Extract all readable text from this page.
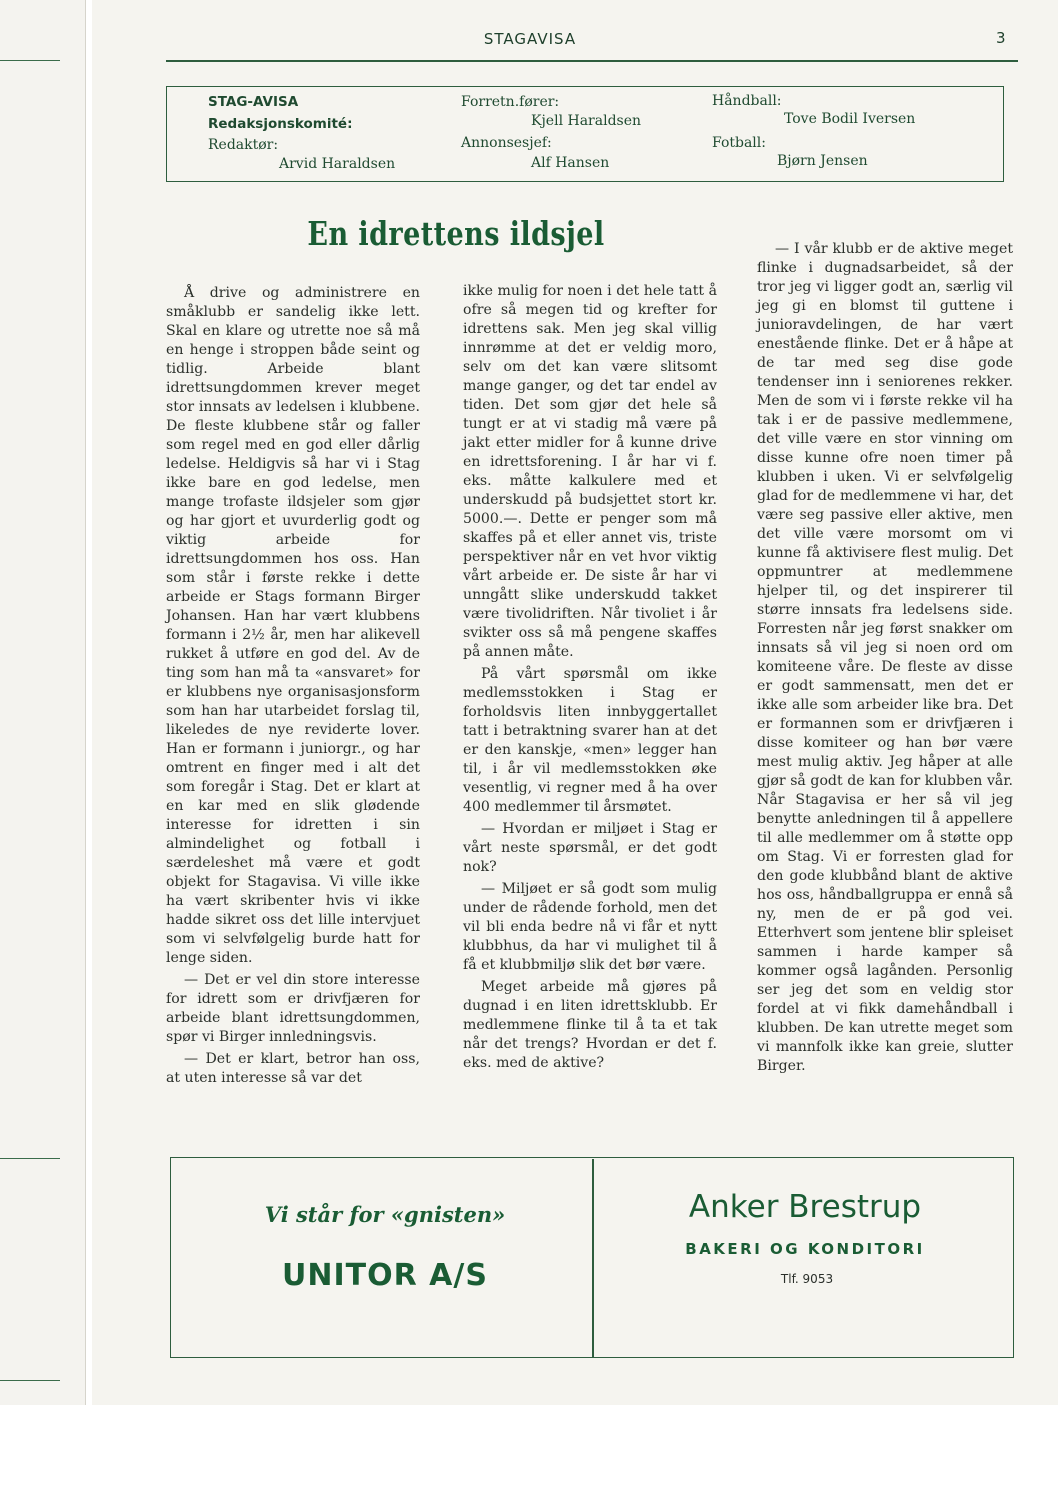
STAGAVISA	3
STAG-AVISA
Redaksjonskomité:
Redaktør:
Arvid Haraldsen
Forretn.fører:
Kjell Haraldsen
Annonsesjef:
Alf Hansen
Håndball:
Tove Bodil Iversen
Fotball:
Bjørn Jensen
En idrettens ildsjel

Å drive og administrere en småklubb er sandelig ikke lett. Skal en klare og utrette noe så må en henge i stroppen både seint og tidlig. Arbeide blant idrettsungdommen krever meget stor innsats av ledelsen i klubbene. De fleste klubbene står og faller som regel med en god eller dårlig ledelse. Heldigvis så har vi i Stag ikke bare en god ledelse, men mange trofaste ildsjeler som gjør og har gjort et uvurderlig godt og viktig arbeide for idrettsungdommen hos oss. Han som står i første rekke i dette arbeide er Stags formann Birger Johansen. Han har vært klubbens formann i 2½ år, men har alikevell rukket å utføre en god del. Av de ting som han må ta «ansvaret» for er klubbens nye organisasjonsform som han har utarbeidet forslag til, likeledes de nye reviderte lover. Han er formann i juniorgr., og har omtrent en finger med i alt det som foregår i Stag. Det er klart at en kar med en slik glødende interesse for idretten i sin almindelighet og fotball i særdeleshet må være et godt objekt for Stagavisa. Vi ville ikke ha vært skribenter hvis vi ikke hadde sikret oss det lille intervjuet som vi selvfølgelig burde hatt for lenge siden.

— Det er vel din store interesse for idrett som er drivfjæren for arbeide blant idrettsungdommen, spør vi Birger innledningsvis.

— Det er klart, betror han oss, at uten interesse så var det

ikke mulig for noen i det hele tatt å ofre så megen tid og krefter for idrettens sak. Men jeg skal villig innrømme at det er veldig moro, selv om det kan være slitsomt mange ganger, og det tar endel av tiden. Det som gjør det hele så tungt er at vi stadig må være på jakt etter midler for å kunne drive en idrettsforening. I år har vi f. eks. måtte kalkulere med et underskudd på budsjettet stort kr. 5000.—. Dette er penger som må skaffes på et eller annet vis, triste perspektiver når en vet hvor viktig vårt arbeide er. De siste år har vi unngått slike underskudd takket være tivolidriften. Når tivoliet i år svikter oss så må pengene skaffes på annen måte.

På vårt spørsmål om ikke medlemsstokken i Stag er forholdsvis liten innbyggertallet tatt i betraktning svarer han at det er den kanskje, «men» legger han til, i år vil medlemsstokken øke vesentlig, vi regner med å ha over 400 medlemmer til årsmøtet.

— Hvordan er miljøet i Stag er vårt neste spørsmål, er det godt nok?

— Miljøet er så godt som mulig under de rådende forhold, men det vil bli enda bedre nå vi får et nytt klubbhus, da har vi mulighet til å få et klubbmiljø slik det bør være.

Meget arbeide må gjøres på dugnad i en liten idrettsklubb. Er medlemmene flinke til å ta et tak når det trengs? Hvordan er det f. eks. med de aktive?

— I vår klubb er de aktive meget flinke i dugnadsarbeidet, så der tror jeg vi ligger godt an, særlig vil jeg gi en blomst til guttene i junioravdelingen, de har vært enestående flinke. Det er å håpe at de tar med seg dise gode tendenser inn i seniorenes rekker. Men de som vi i første rekke vil ha tak i er de passive medlemmene, det ville være en stor vinning om disse kunne ofre noen timer på klubben i uken. Vi er selvfølgelig glad for de medlemmene vi har, det være seg passive eller aktive, men det ville være morsomt om vi kunne få aktivisere flest mulig. Det oppmuntrer at medlemmene hjelper til, og det inspirerer til større innsats fra ledelsens side. Forresten når jeg først snakker om innsats så vil jeg si noen ord om komiteene våre. De fleste av disse er godt sammensatt, men det er ikke alle som arbeider like bra. Det er formannen som er drivfjæren i disse komiteer og han bør være mest mulig aktiv. Jeg håper at alle gjør så godt de kan for klubben vår. Når Stagavisa er her så vil jeg benytte anledningen til å appellere til alle medlemmer om å støtte opp om Stag. Vi er forresten glad for den gode klubbånd blant de aktive hos oss, håndballgruppa er ennå så ny, men de er på god vei. Etterhvert som jentene blir spleiset sammen i harde kamper så kommer også lagånden. Personlig ser jeg det som en veldig stor fordel at vi fikk damehåndball i klubben. De kan utrette meget som vi mannfolk ikke kan greie, slutter Birger.

Vi står for «gnisten»
UNITOR A/S
Anker Brestrup
BAKERI OG KONDITORI
Tlf. 9053
